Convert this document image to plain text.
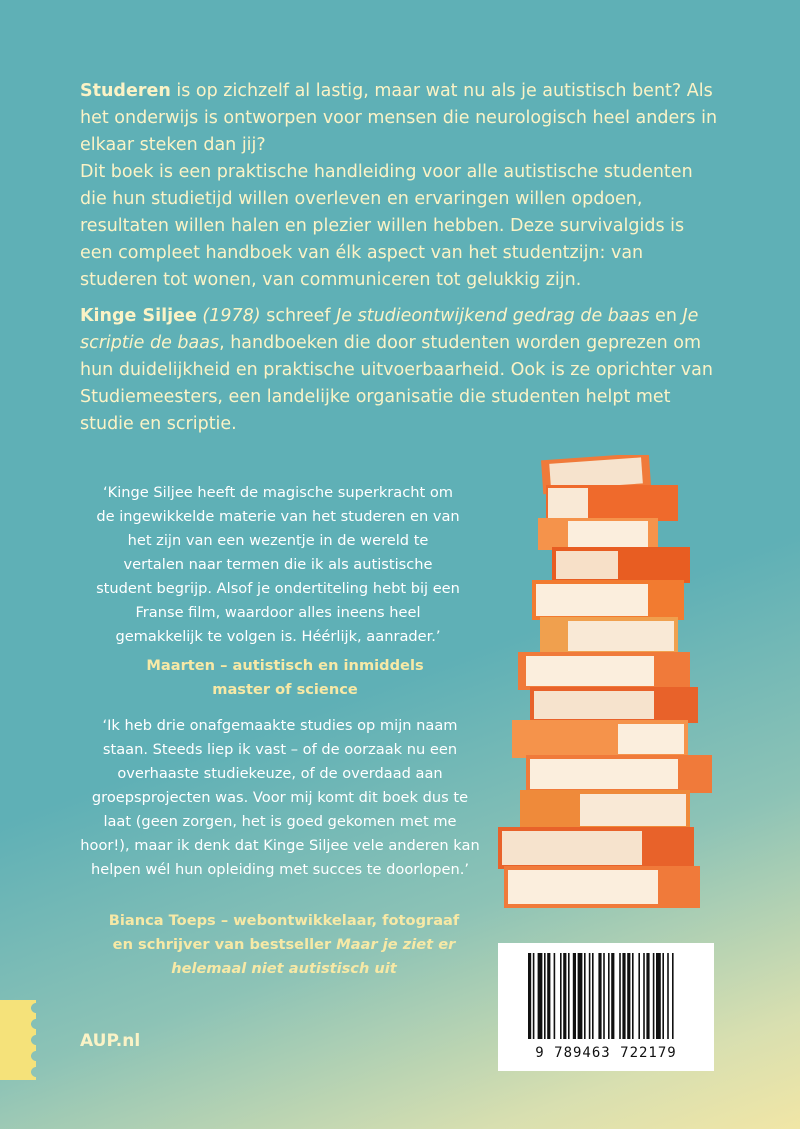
Studeren is op zichzelf al lastig, maar wat nu als je autistisch bent? Als het onderwijs is ontworpen voor mensen die neurologisch heel anders in elkaar steken dan jij?
Dit boek is een praktische handleiding voor alle autistische studenten die hun studietijd willen overleven en ervaringen willen opdoen, resultaten willen halen en plezier willen hebben. Deze survivalgids is een compleet handboek van élk aspect van het studentzijn: van studeren tot wonen, van communiceren tot gelukkig zijn.

Kinge Siljee (1978) schreef Je studieontwijkend gedrag de baas en Je scriptie de baas, handboeken die door studenten worden geprezen om hun duidelijkheid en praktische uitvoerbaarheid. Ook is ze oprichter van Studiemeesters, een landelijke organisatie die studenten helpt met studie en scriptie.

‘Kinge Siljee heeft de magische superkracht om de ingewikkelde materie van het studeren en van het zijn van een wezentje in de wereld te vertalen naar termen die ik als autistische student begrijp. Alsof je ondertiteling hebt bij een Franse film, waardoor alles ineens heel gemakkelijk te volgen is. Héérlijk, aanrader.’

Maarten – autistisch en inmiddels master of science

‘Ik heb drie onafgemaakte studies op mijn naam staan. Steeds liep ik vast – of de oorzaak nu een overhaaste studiekeuze, of de overdaad aan groepsprojecten was. Voor mij komt dit boek dus te laat (geen zorgen, het is goed gekomen met me hoor!), maar ik denk dat Kinge Siljee vele anderen kan helpen wél hun opleiding met succes te doorlopen.’

Bianca Toeps – webontwikkelaar, fotograaf en schrijver van bestseller Maar je ziet er helemaal niet autistisch uit

AUP.nl
9 789463 722179
